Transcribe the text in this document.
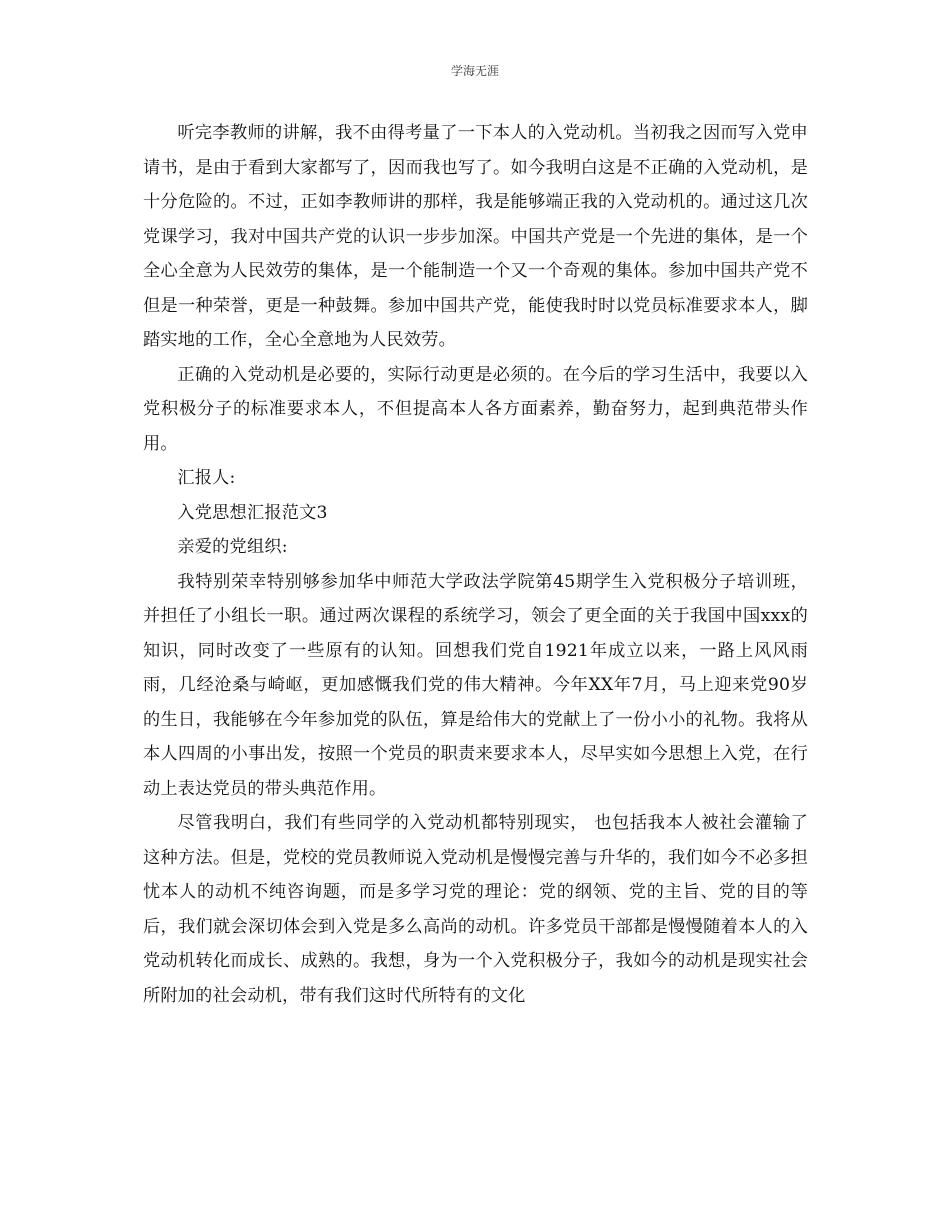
学海无涯

听完李教师的讲解，我不由得考量了一下本人的入党动机。当初我之因而写入党申请书，是由于看到大家都写了，因而我也写了。如今我明白这是不正确的入党动机，是十分危险的。不过，正如李教师讲的那样，我是能够端正我的入党动机的。通过这几次党课学习，我对中国共产党的认识一步步加深。中国共产党是一个先进的集体，是一个全心全意为人民效劳的集体，是一个能制造一个又一个奇观的集体。参加中国共产党不但是一种荣誉，更是一种鼓舞。参加中国共产党，能使我时时以党员标准要求本人，脚踏实地的工作，全心全意地为人民效劳。

正确的入党动机是必要的，实际行动更是必须的。在今后的学习生活中，我要以入党积极分子的标准要求本人，不但提高本人各方面素养，勤奋努力，起到典范带头作用。

汇报人:

入党思想汇报范文3

亲爱的党组织:

我特别荣幸特别够参加华中师范大学政法学院第45期学生入党积极分子培训班，并担任了小组长一职。通过两次课程的系统学习，领会了更全面的关于我国中国xxx的知识，同时改变了一些原有的认知。回想我们党自1921年成立以来，一路上风风雨雨，几经沧桑与崎岖，更加感慨我们党的伟大精神。今年XX年7月，马上迎来党90岁的生日，我能够在今年参加党的队伍，算是给伟大的党献上了一份小小的礼物。我将从本人四周的小事出发，按照一个党员的职责来要求本人，尽早实如今思想上入党，在行动上表达党员的带头典范作用。

尽管我明白，我们有些同学的入党动机都特别现实， 也包括我本人被社会灌输了这种方法。但是，党校的党员教师说入党动机是慢慢完善与升华的，我们如今不必多担忧本人的动机不纯咨询题，而是多学习党的理论：党的纲领、党的主旨、党的目的等后，我们就会深切体会到入党是多么高尚的动机。许多党员干部都是慢慢随着本人的入党动机转化而成长、成熟的。我想，身为一个入党积极分子，我如今的动机是现实社会所附加的社会动机，带有我们这时代所特有的文化
